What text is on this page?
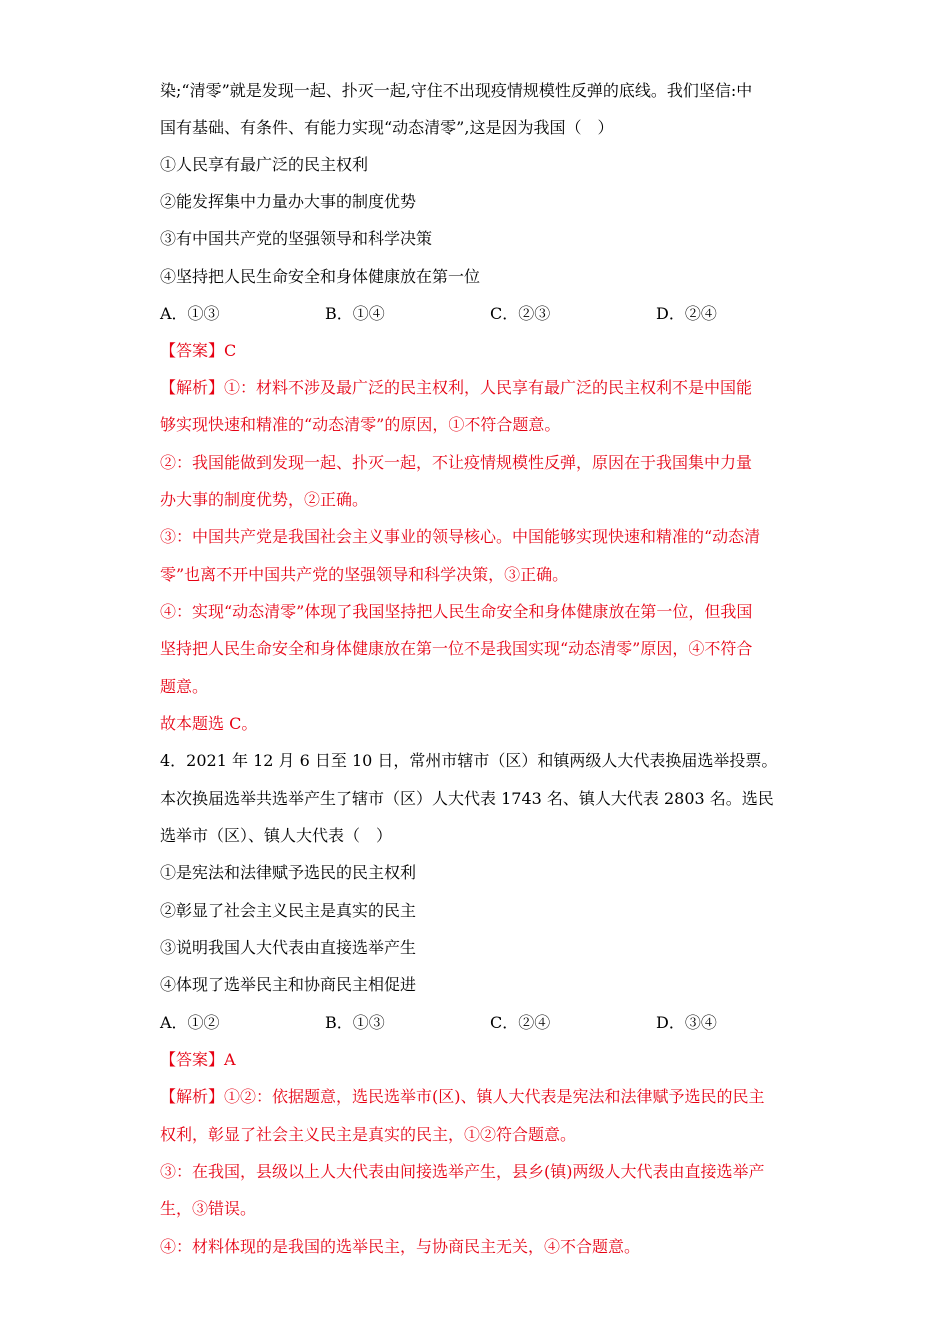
染;“清零”就是发现一起、扑灭一起,守住不出现疫情规模性反弹的底线。我们坚信:中
国有基础、有条件、有能力实现“动态清零”,这是因为我国（　）
①人民享有最广泛的民主权利
②能发挥集中力量办大事的制度优势
③有中国共产党的坚强领导和科学决策
④坚持把人民生命安全和身体健康放在第一位
A．①③	B．①④	C．②③	D．②④
【答案】C
【解析】①：材料不涉及最广泛的民主权利，人民享有最广泛的民主权利不是中国能
够实现快速和精准的“动态清零”的原因，①不符合题意。
②：我国能做到发现一起、扑灭一起，不让疫情规模性反弹，原因在于我国集中力量
办大事的制度优势，②正确。
③：中国共产党是我国社会主义事业的领导核心。中国能够实现快速和精准的“动态清
零”也离不开中国共产党的坚强领导和科学决策，③正确。
④：实现“动态清零”体现了我国坚持把人民生命安全和身体健康放在第一位，但我国
坚持把人民生命安全和身体健康放在第一位不是我国实现“动态清零”原因，④不符合
题意。
故本题选 C。
4．2021 年 12 月 6 日至 10 日，常州市辖市（区）和镇两级人大代表换届选举投票。
本次换届选举共选举产生了辖市（区）人大代表 1743 名、镇人大代表 2803 名。选民
选举市（区）、镇人大代表（　）
①是宪法和法律赋予选民的民主权利
②彰显了社会主义民主是真实的民主
③说明我国人大代表由直接选举产生
④体现了选举民主和协商民主相促进
A．①②	B．①③	C．②④	D．③④
【答案】A
【解析】①②：依据题意，选民选举市(区)、镇人大代表是宪法和法律赋予选民的民主
权利，彰显了社会主义民主是真实的民主，①②符合题意。
③：在我国，县级以上人大代表由间接选举产生，县乡(镇)两级人大代表由直接选举产
生，③错误。
④：材料体现的是我国的选举民主，与协商民主无关，④不合题意。
